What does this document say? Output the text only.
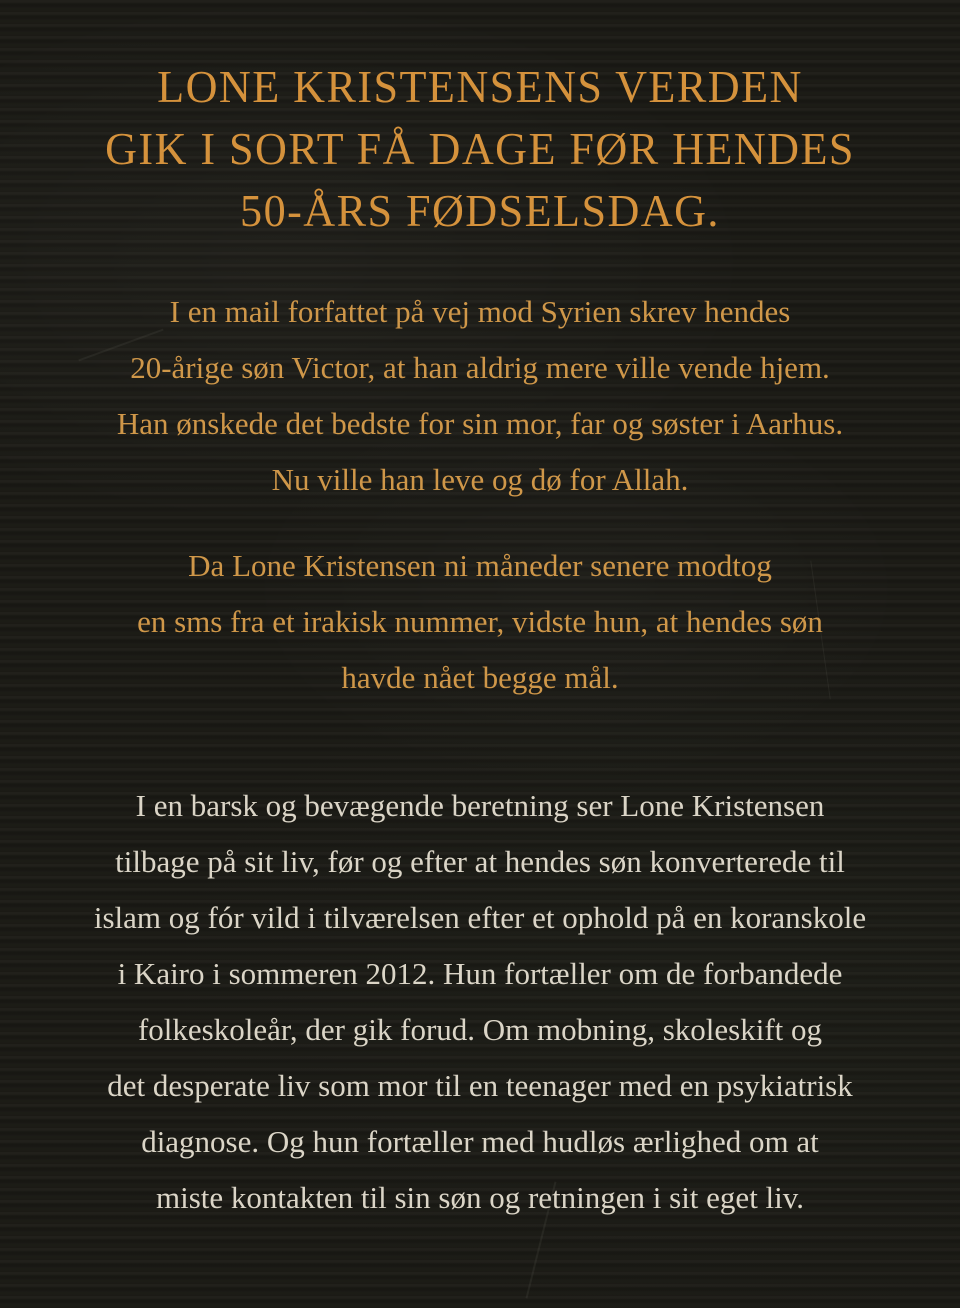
LONE KRISTENSENS VERDEN
GIK I SORT FÅ DAGE FØR HENDES
50-ÅRS FØDSELSDAG.
I en mail forfattet på vej mod Syrien skrev hendes
20-årige søn Victor, at han aldrig mere ville vende hjem.
Han ønskede det bedste for sin mor, far og søster i Aarhus.
Nu ville han leve og dø for Allah.
Da Lone Kristensen ni måneder senere modtog
en sms fra et irakisk nummer, vidste hun, at hendes søn
havde nået begge mål.
I en barsk og bevægende beretning ser Lone Kristensen
tilbage på sit liv, før og efter at hendes søn konverterede til
islam og fór vild i tilværelsen efter et ophold på en koranskole
i Kairo i sommeren 2012. Hun fortæller om de forbandede
folkeskoleår, der gik forud. Om mobning, skoleskift og
det desperate liv som mor til en teenager med en psykiatrisk
diagnose. Og hun fortæller med hudløs ærlighed om at
miste kontakten til sin søn og retningen i sit eget liv.
